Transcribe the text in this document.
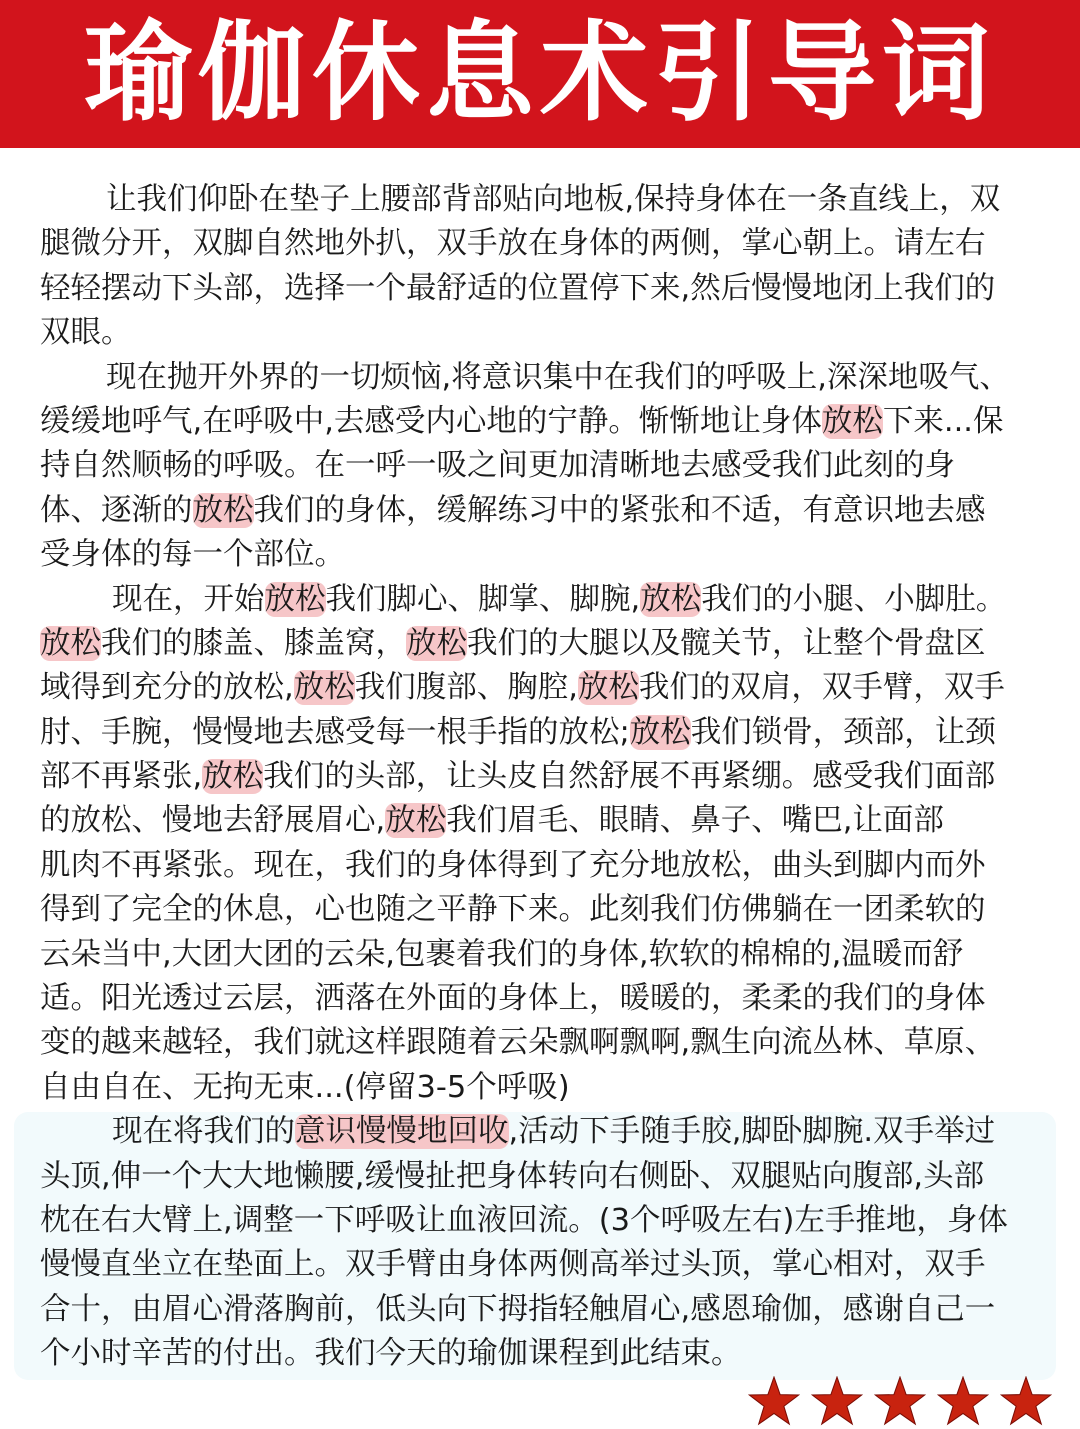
瑜伽休息术引导词
让我们仰卧在垫子上腰部背部贴向地板,保持身体在一条直线上，双
腿微分开，双脚自然地外扒，双手放在身体的两侧，掌心朝上。请左右
轻轻摆动下头部，选择一个最舒适的位置停下来,然后慢慢地闭上我们的
双眼。
现在抛开外界的一切烦恼,将意识集中在我们的呼吸上,深深地吸气、
缓缓地呼气,在呼吸中,去感受内心地的宁静。惭惭地让身体放松下来...保
持自然顺畅的呼吸。在一呼一吸之间更加清晰地去感受我们此刻的身
体、逐渐的放松我们的身体，缓解练习中的紧张和不适，有意识地去感
受身体的每一个部位。
现在，开始放松我们脚心、脚掌、脚腕,放松我们的小腿、小脚肚。
放松我们的膝盖、膝盖窝，放松我们的大腿以及髋关节，让整个骨盘区
域得到充分的放松,放松我们腹部、胸腔,放松我们的双肩，双手臂，双手
肘、手腕，慢慢地去感受每一根手指的放松;放松我们锁骨，颈部，让颈
部不再紧张,放松我们的头部，让头皮自然舒展不再紧绷。感受我们面部
的放松、慢地去舒展眉心,放松我们眉毛、眼睛、鼻子、嘴巴,让面部
肌肉不再紧张。现在，我们的身体得到了充分地放松，曲头到脚内而外
得到了完全的休息，心也随之平静下来。此刻我们仿佛躺在一团柔软的
云朵当中,大团大团的云朵,包裹着我们的身体,软软的棉棉的,温暖而舒
适。阳光透过云层，洒落在外面的身体上，暖暖的，柔柔的我们的身体
变的越来越轻，我们就这样跟随着云朵飘啊飘啊,飘生向流丛林、草原、
自由自在、无拘无束...(停留3-5个呼吸)
现在将我们的意识慢慢地回收,活动下手随手胶,脚卧脚腕.双手举过
头顶,伸一个大大地懒腰,缓慢扯把身体转向右侧卧、双腿贴向腹部,头部
枕在右大臂上,调整一下呼吸让血液回流。(3个呼吸左右)左手推地，身体
慢慢直坐立在垫面上。双手臂由身体两侧高举过头顶，掌心相对，双手
合十，由眉心滑落胸前，低头向下拇指轻触眉心,感恩瑜伽，感谢自己一
个小时辛苦的付出。我们今天的瑜伽课程到此结束。
